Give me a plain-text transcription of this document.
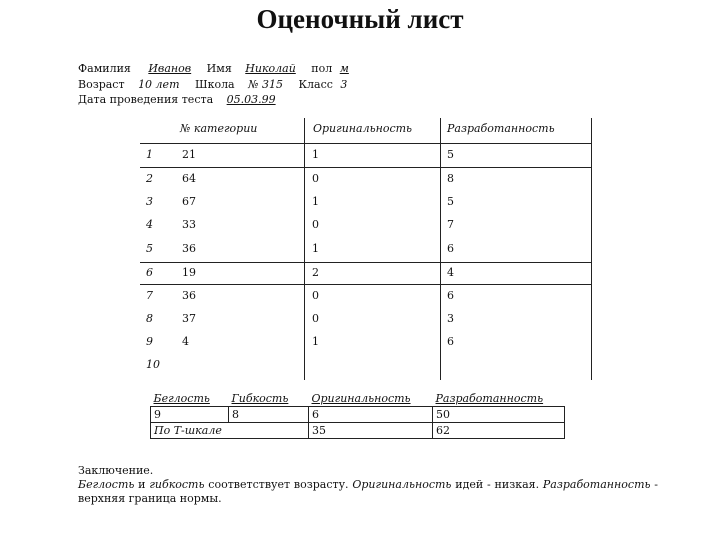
Оценочный лист
Фамилия Иванов Имя Николай пол м
Возраст 10 лет Школа № 315 Класс 3
Дата проведения теста 05.03.99
№ категории	Оригинальность	Разработанность
1	21	1	5
2	64	0	8
3	67	1	5
4	33	0	7
5	36	1	6
6	19	2	4
7	36	0	6
8	37	0	3
9	4	1	6
10
Беглость	Гибкость	Оригинальность	Разработанность
9	8	6	50
По Т-шкале		35	62
Заключение.
Беглость и гибкость соответствует возрасту. Оригинальность идей - низкая. Разработанность - верхняя граница нормы.
